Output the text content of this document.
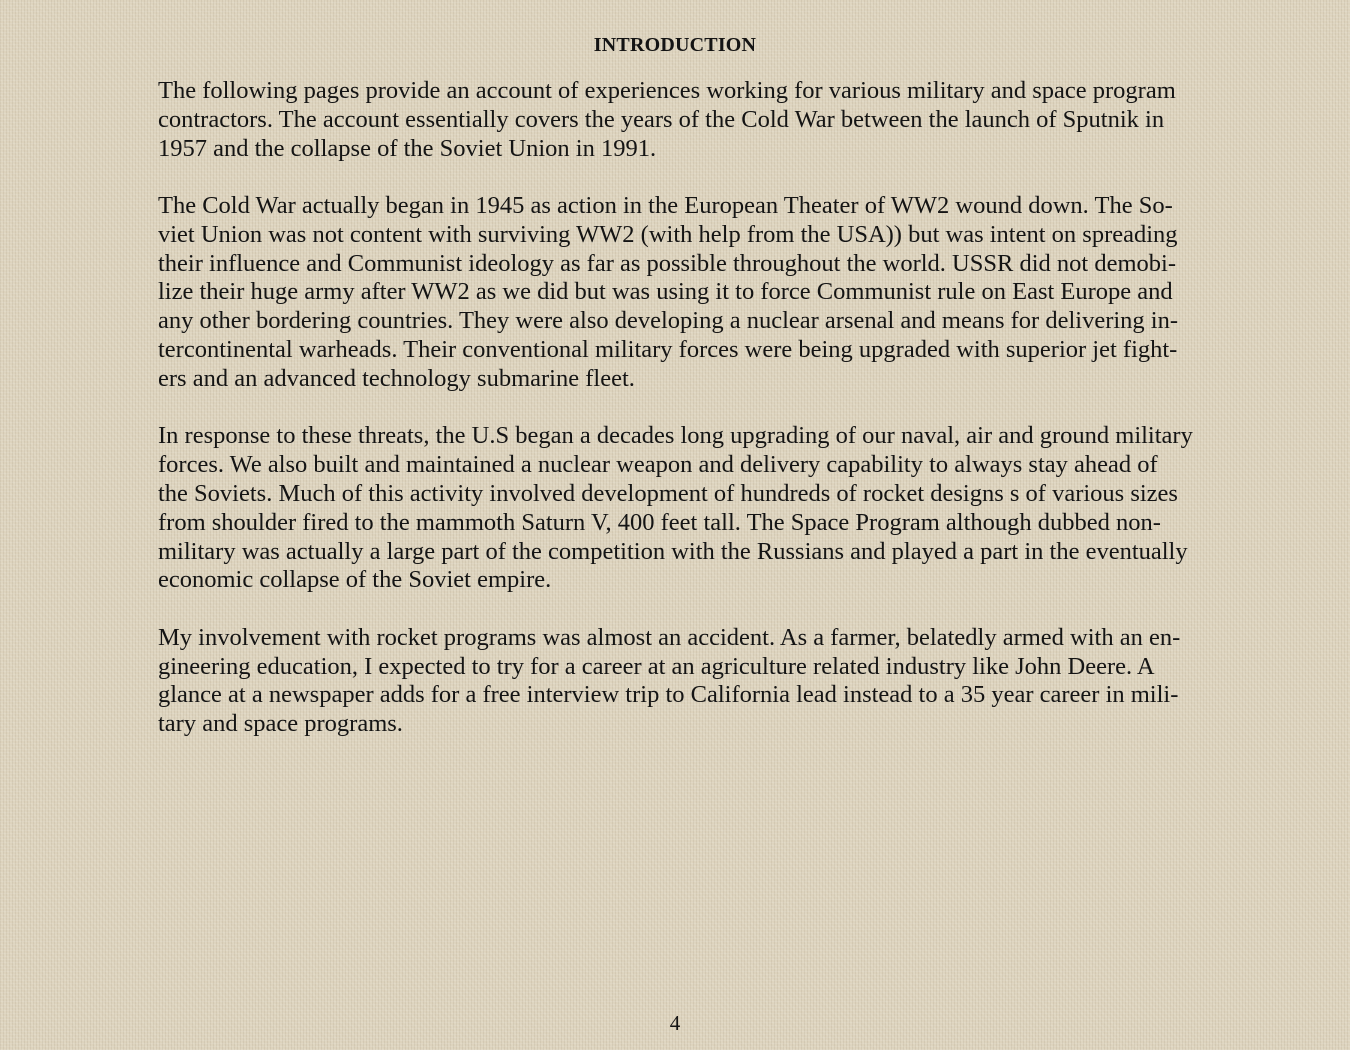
INTRODUCTION

The following pages provide an account of experiences working for various military and space program
contractors. The account essentially covers the years of the Cold War between the launch of Sputnik in
1957 and the collapse of the Soviet Union in 1991.

The Cold War actually began in 1945 as action in the European Theater of WW2 wound down. The So-
viet Union was not content with surviving WW2 (with help from the USA)) but was intent on spreading
their influence and Communist ideology as far as possible throughout the world. USSR did not demobi-
lize their huge army after WW2 as we did but was using it to force Communist rule on East Europe and
any other bordering countries. They were also developing a nuclear arsenal and means for delivering in-
tercontinental warheads. Their conventional military forces were being upgraded with superior jet fight-
ers and an advanced technology submarine fleet.

In response to these threats, the U.S began a decades long upgrading of our naval, air and ground military
forces. We also built and maintained a nuclear weapon and delivery capability to always stay ahead of
the Soviets. Much of this activity involved development of hundreds of rocket designs s of various sizes
from shoulder fired to the mammoth Saturn V, 400 feet tall. The Space Program although dubbed non-
military was actually a large part of the competition with the Russians and played a part in the eventually
economic collapse of the Soviet empire.

My involvement with rocket programs was almost an accident. As a farmer, belatedly armed with an en-
gineering education, I expected to try for a career at an agriculture related industry like John Deere. A
glance at a newspaper adds for a free interview trip to California lead instead to a 35 year career in mili-
tary and space programs.

4
